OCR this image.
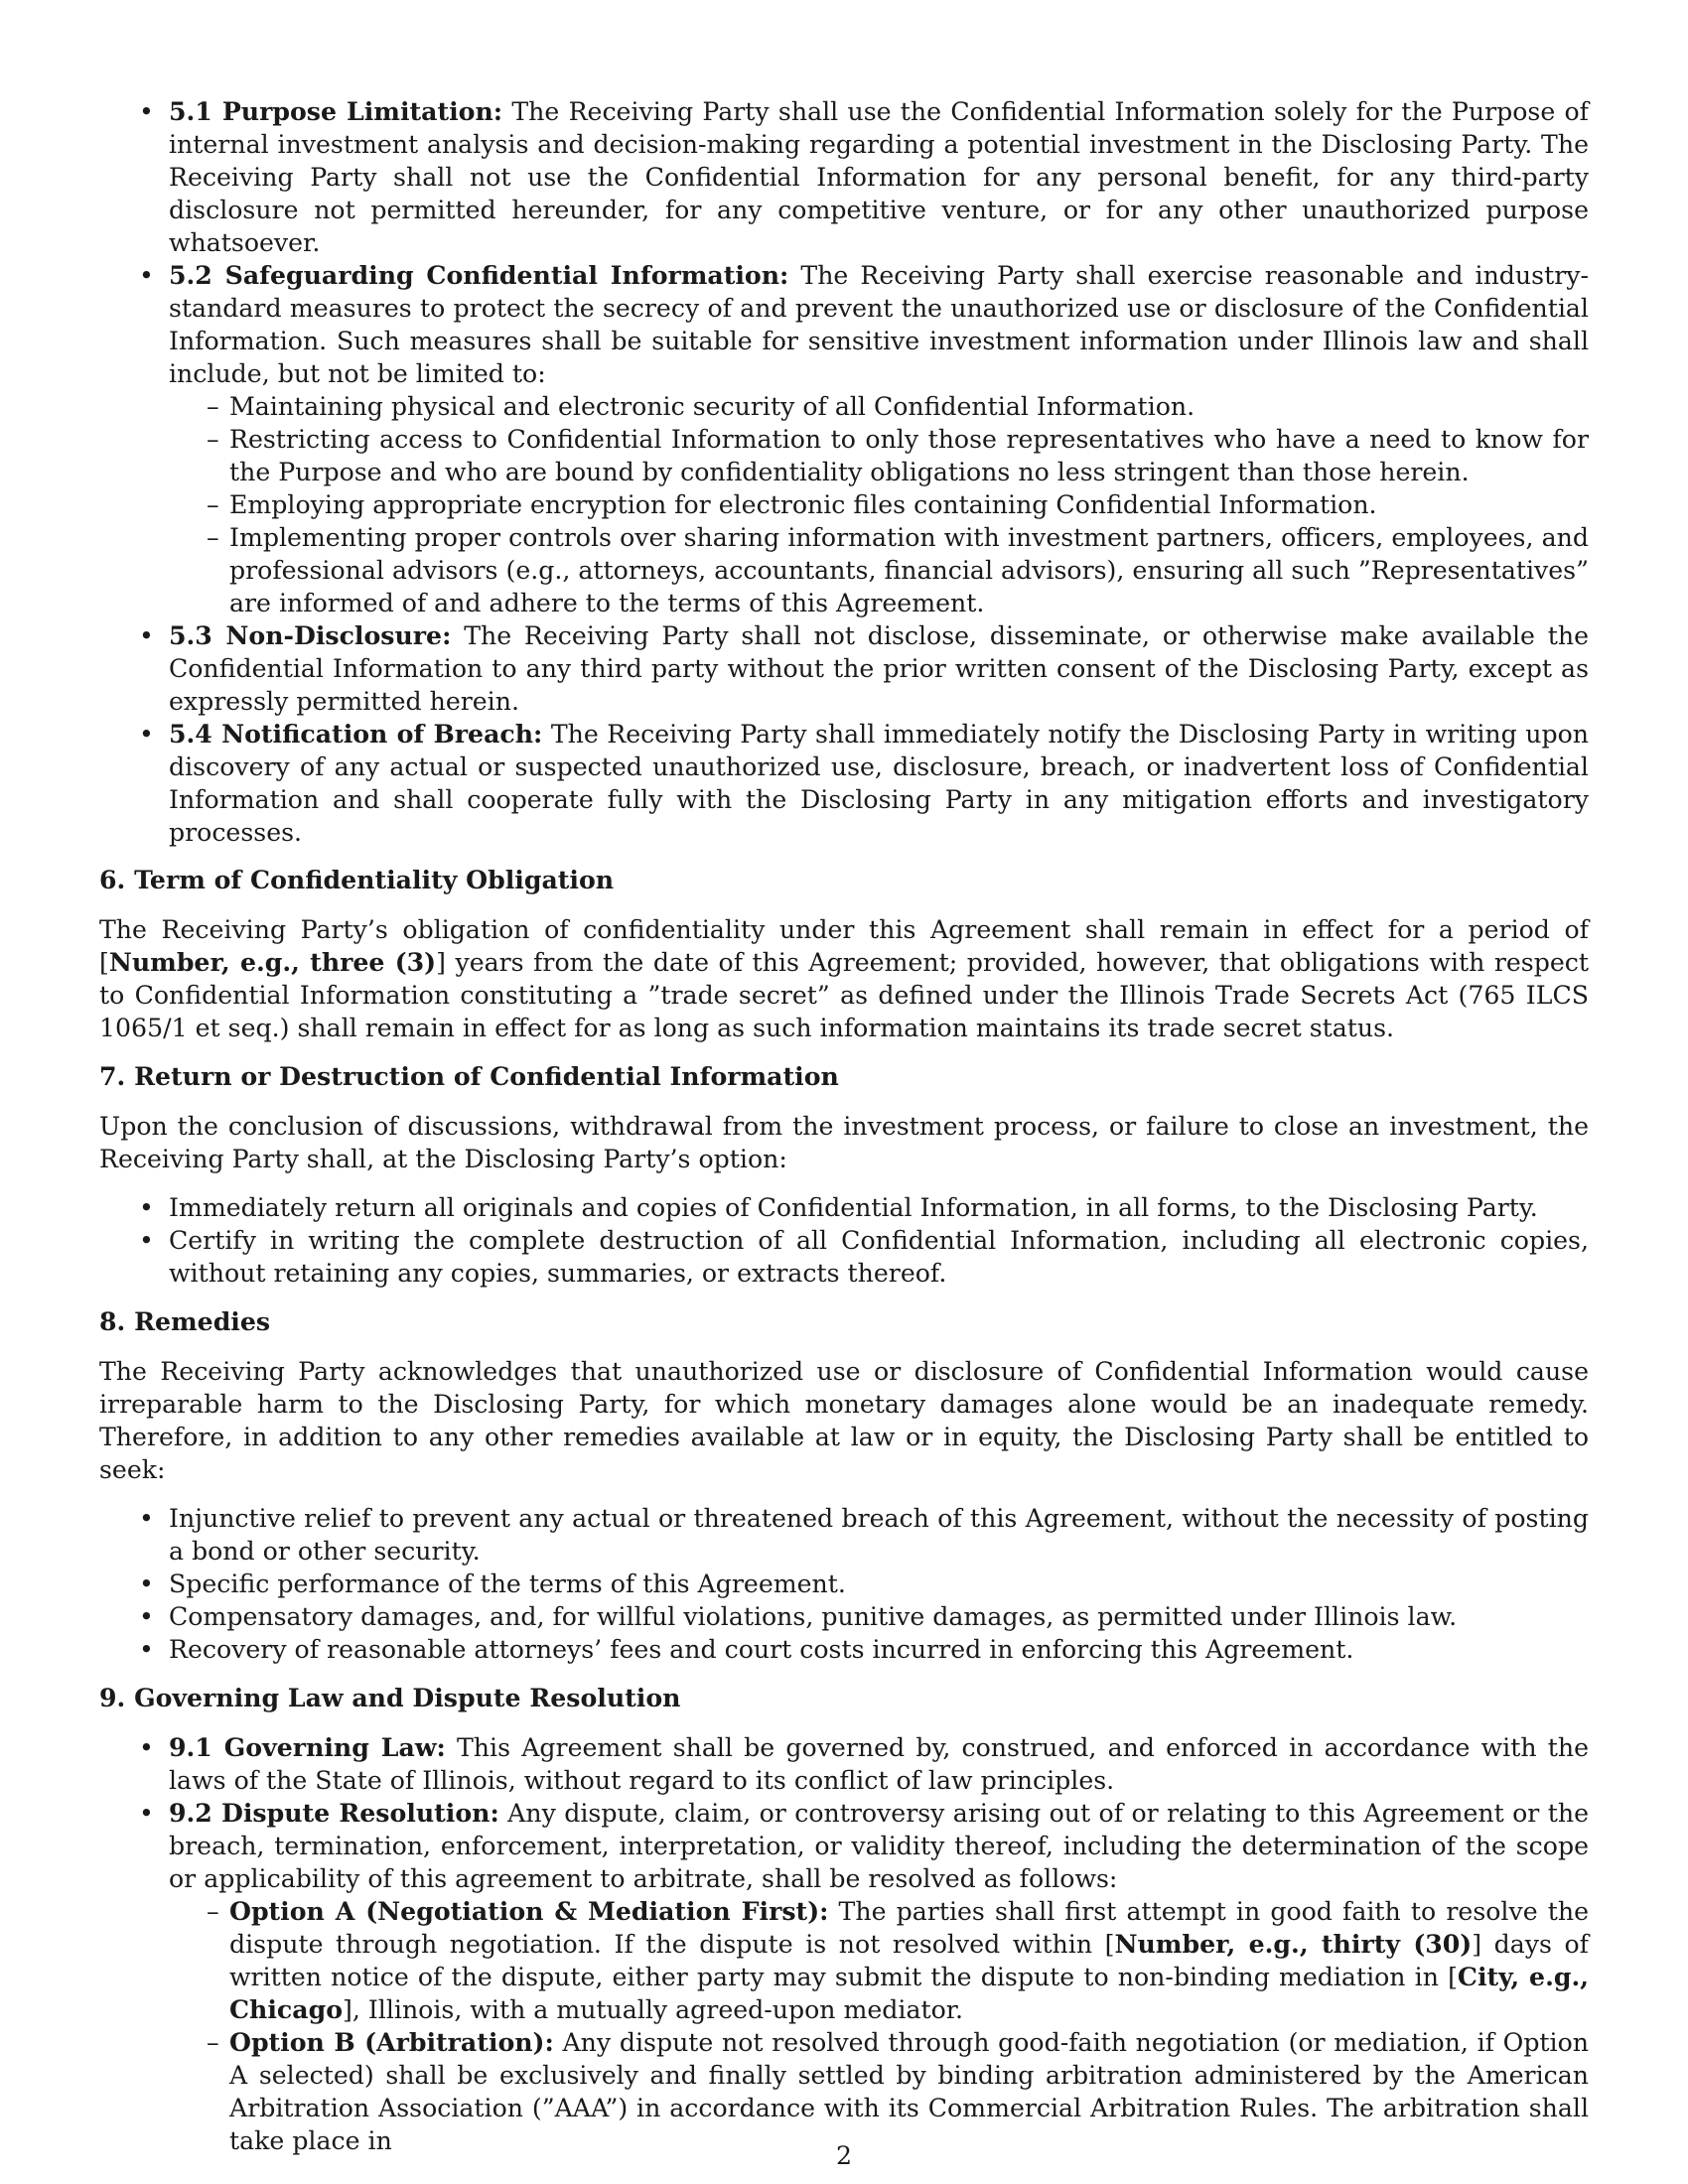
• 5.1 Purpose Limitation: The Receiving Party shall use the Confidential Information solely for the Purpose of internal investment analysis and decision-making regarding a potential investment in the Disclosing Party. The Receiving Party shall not use the Confidential Information for any personal benefit, for any third-party disclosure not permitted hereunder, for any competitive venture, or for any other unauthorized purpose whatsoever.
• 5.2 Safeguarding Confidential Information: The Receiving Party shall exercise reasonable and industry-standard measures to protect the secrecy of and prevent the unauthorized use or disclosure of the Confidential Information. Such measures shall be suitable for sensitive investment information under Illinois law and shall include, but not be limited to:
– Maintaining physical and electronic security of all Confidential Information.
– Restricting access to Confidential Information to only those representatives who have a need to know for the Purpose and who are bound by confidentiality obligations no less stringent than those herein.
– Employing appropriate encryption for electronic files containing Confidential Information.
– Implementing proper controls over sharing information with investment partners, officers, employees, and professional advisors (e.g., attorneys, accountants, financial advisors), ensuring all such ”Representatives” are informed of and adhere to the terms of this Agreement.
• 5.3 Non-Disclosure: The Receiving Party shall not disclose, disseminate, or otherwise make available the Confidential Information to any third party without the prior written consent of the Disclosing Party, except as expressly permitted herein.
• 5.4 Notification of Breach: The Receiving Party shall immediately notify the Disclosing Party in writing upon discovery of any actual or suspected unauthorized use, disclosure, breach, or inadvertent loss of Confidential Information and shall cooperate fully with the Disclosing Party in any mitigation efforts and investigatory processes.
6. Term of Confidentiality Obligation

The Receiving Party’s obligation of confidentiality under this Agreement shall remain in effect for a period of [Number, e.g., three (3)] years from the date of this Agreement; provided, however, that obligations with respect to Confidential Information constituting a ”trade secret” as defined under the Illinois Trade Secrets Act (765 ILCS 1065/1 et seq.) shall remain in effect for as long as such information maintains its trade secret status.

7. Return or Destruction of Confidential Information

Upon the conclusion of discussions, withdrawal from the investment process, or failure to close an investment, the Receiving Party shall, at the Disclosing Party’s option:

• Immediately return all originals and copies of Confidential Information, in all forms, to the Disclosing Party.
• Certify in writing the complete destruction of all Confidential Information, including all electronic copies, without retaining any copies, summaries, or extracts thereof.
8. Remedies

The Receiving Party acknowledges that unauthorized use or disclosure of Confidential Information would cause irreparable harm to the Disclosing Party, for which monetary damages alone would be an inadequate remedy. Therefore, in addition to any other remedies available at law or in equity, the Disclosing Party shall be entitled to seek:

• Injunctive relief to prevent any actual or threatened breach of this Agreement, without the necessity of posting a bond or other security.
• Specific performance of the terms of this Agreement.
• Compensatory damages, and, for willful violations, punitive damages, as permitted under Illinois law.
• Recovery of reasonable attorneys’ fees and court costs incurred in enforcing this Agreement.
9. Governing Law and Dispute Resolution
• 9.1 Governing Law: This Agreement shall be governed by, construed, and enforced in accordance with the laws of the State of Illinois, without regard to its conflict of law principles.
• 9.2 Dispute Resolution: Any dispute, claim, or controversy arising out of or relating to this Agreement or the breach, termination, enforcement, interpretation, or validity thereof, including the determination of the scope or applicability of this agreement to arbitrate, shall be resolved as follows:
– Option A (Negotiation & Mediation First): The parties shall first attempt in good faith to resolve the dispute through negotiation. If the dispute is not resolved within [Number, e.g., thirty (30)] days of written notice of the dispute, either party may submit the dispute to non-binding mediation in [City, e.g., Chicago], Illinois, with a mutually agreed-upon mediator.
– Option B (Arbitration): Any dispute not resolved through good-faith negotiation (or mediation, if Option A selected) shall be exclusively and finally settled by binding arbitration administered by the American Arbitration Association (”AAA”) in accordance with its Commercial Arbitration Rules. The arbitration shall take place in
2
